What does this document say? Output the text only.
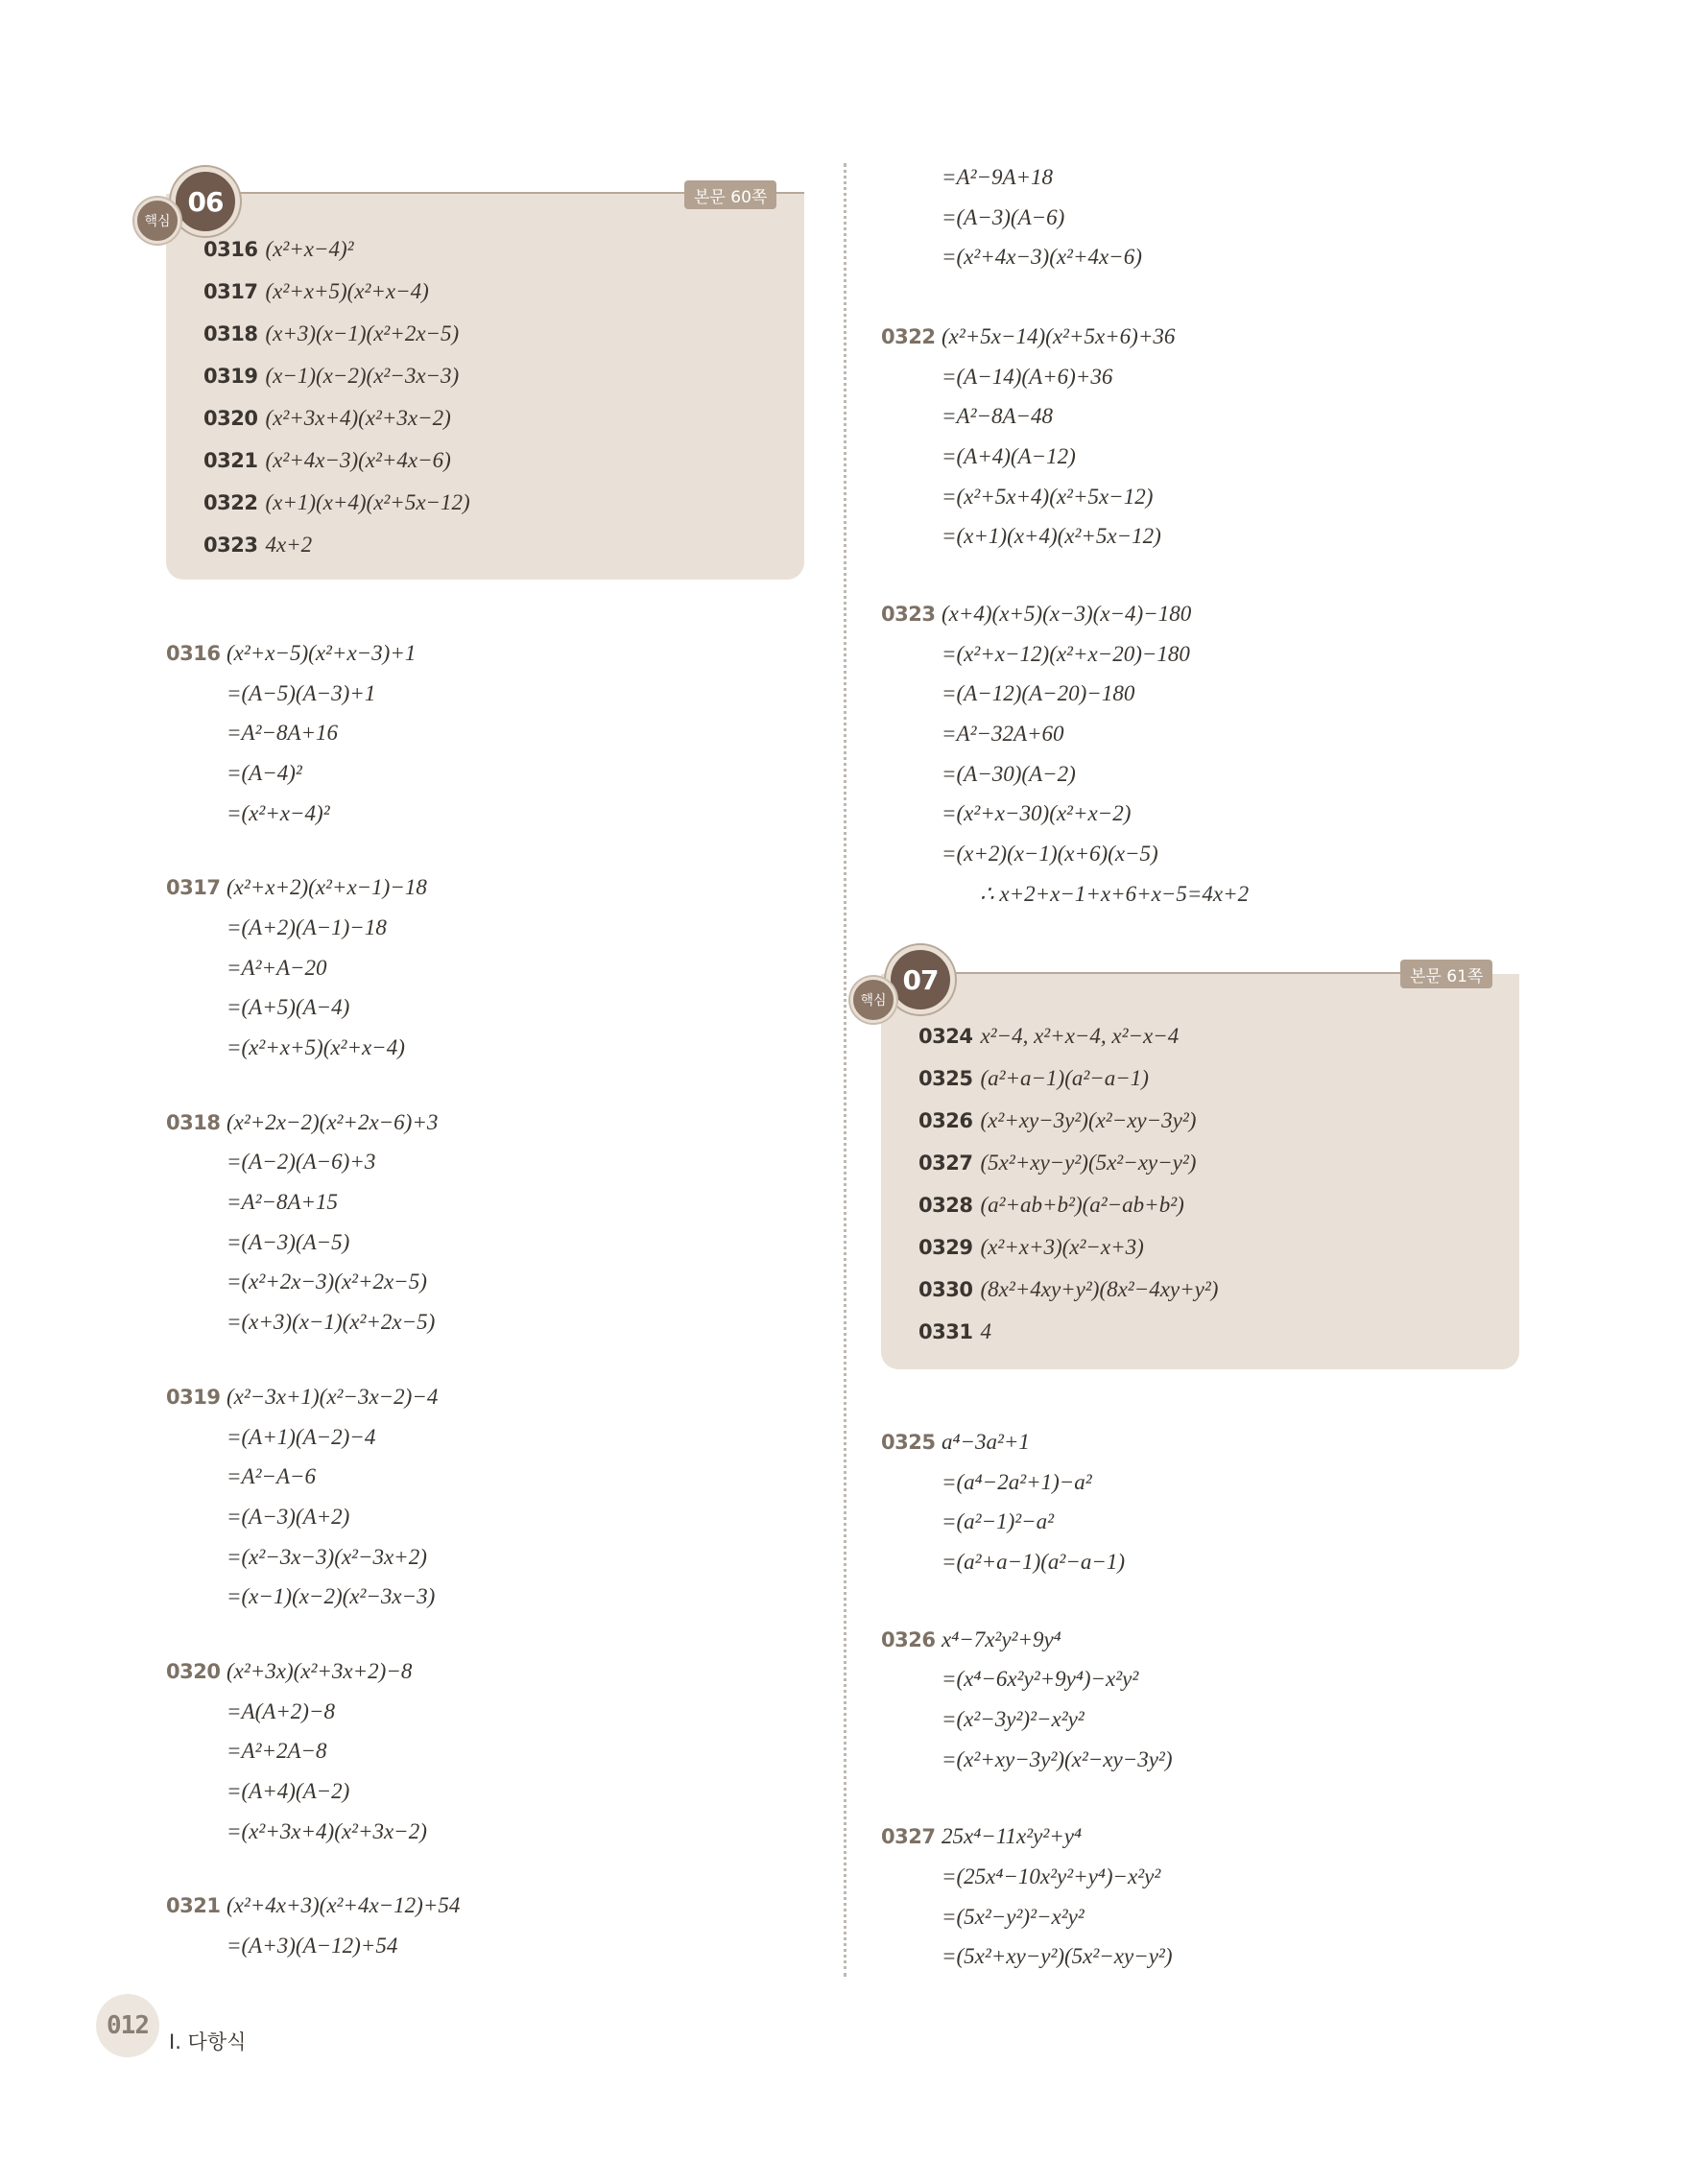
06
핵심
본문 60쪽
0316 (x²+x−4)²
0317 (x²+x+5)(x²+x−4)
0318 (x+3)(x−1)(x²+2x−5)
0319 (x−1)(x−2)(x²−3x−3)
0320 (x²+3x+4)(x²+3x−2)
0321 (x²+4x−3)(x²+4x−6)
0322 (x+1)(x+4)(x²+5x−12)
0323 4x+2
0316 (x²+x−5)(x²+x−3)+1
=(A−5)(A−3)+1
=A²−8A+16
=(A−4)²
=(x²+x−4)²
0317 (x²+x+2)(x²+x−1)−18
=(A+2)(A−1)−18
=A²+A−20
=(A+5)(A−4)
=(x²+x+5)(x²+x−4)
0318 (x²+2x−2)(x²+2x−6)+3
=(A−2)(A−6)+3
=A²−8A+15
=(A−3)(A−5)
=(x²+2x−3)(x²+2x−5)
=(x+3)(x−1)(x²+2x−5)
0319 (x²−3x+1)(x²−3x−2)−4
=(A+1)(A−2)−4
=A²−A−6
=(A−3)(A+2)
=(x²−3x−3)(x²−3x+2)
=(x−1)(x−2)(x²−3x−3)
0320 (x²+3x)(x²+3x+2)−8
=A(A+2)−8
=A²+2A−8
=(A+4)(A−2)
=(x²+3x+4)(x²+3x−2)
0321 (x²+4x+3)(x²+4x−12)+54
=(A+3)(A−12)+54
=A²−9A+18
=(A−3)(A−6)
=(x²+4x−3)(x²+4x−6)
0322 (x²+5x−14)(x²+5x+6)+36
=(A−14)(A+6)+36
=A²−8A−48
=(A+4)(A−12)
=(x²+5x+4)(x²+5x−12)
=(x+1)(x+4)(x²+5x−12)
0323 (x+4)(x+5)(x−3)(x−4)−180
=(x²+x−12)(x²+x−20)−180
=(A−12)(A−20)−180
=A²−32A+60
=(A−30)(A−2)
=(x²+x−30)(x²+x−2)
=(x+2)(x−1)(x+6)(x−5)
∴ x+2+x−1+x+6+x−5=4x+2
07
핵심
본문 61쪽
0324 x²−4, x²+x−4, x²−x−4
0325 (a²+a−1)(a²−a−1)
0326 (x²+xy−3y²)(x²−xy−3y²)
0327 (5x²+xy−y²)(5x²−xy−y²)
0328 (a²+ab+b²)(a²−ab+b²)
0329 (x²+x+3)(x²−x+3)
0330 (8x²+4xy+y²)(8x²−4xy+y²)
0331 4
0325 a⁴−3a²+1
=(a⁴−2a²+1)−a²
=(a²−1)²−a²
=(a²+a−1)(a²−a−1)
0326 x⁴−7x²y²+9y⁴
=(x⁴−6x²y²+9y⁴)−x²y²
=(x²−3y²)²−x²y²
=(x²+xy−3y²)(x²−xy−3y²)
0327 25x⁴−11x²y²+y⁴
=(25x⁴−10x²y²+y⁴)−x²y²
=(5x²−y²)²−x²y²
=(5x²+xy−y²)(5x²−xy−y²)
012
I. 다항식
